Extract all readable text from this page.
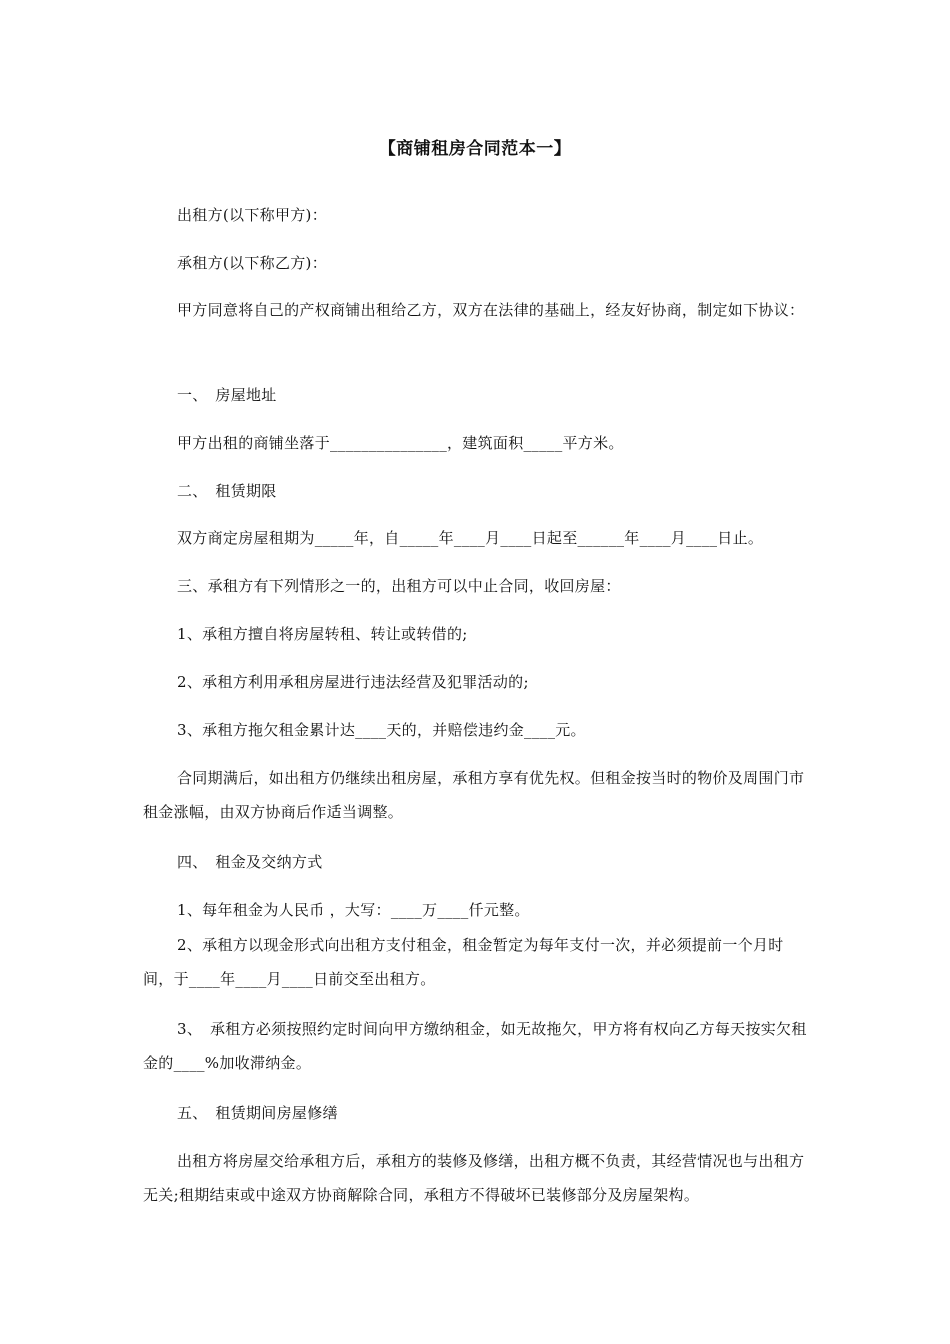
【商铺租房合同范本一】
出租方(以下称甲方)：
承租方(以下称乙方)：
甲方同意将自己的产权商铺出租给乙方，双方在法律的基础上，经友好协商，制定如下协议：
一、　房屋地址
甲方出租的商铺坐落于_______________，建筑面积_____平方米。
二、　租赁期限
双方商定房屋租期为_____年，自_____年____月____日起至______年____月____日止。
三、承租方有下列情形之一的，出租方可以中止合同，收回房屋：
1、承租方擅自将房屋转租、转让或转借的;
2、承租方利用承租房屋进行违法经营及犯罪活动的;
3、承租方拖欠租金累计达____天的，并赔偿违约金____元。
合同期满后，如出租方仍继续出租房屋，承租方享有优先权。但租金按当时的物价及周围门市租金涨幅，由双方协商后作适当调整。
四、　租金及交纳方式
1、每年租金为人民币 ，大写：____万____仟元整。
2、承租方以现金形式向出租方支付租金，租金暂定为每年支付一次，并必须提前一个月时间，于____年____月____日前交至出租方。
3、　承租方必须按照约定时间向甲方缴纳租金，如无故拖欠，甲方将有权向乙方每天按实欠租金的____%加收滞纳金。
五、　租赁期间房屋修缮
出租方将房屋交给承租方后，承租方的装修及修缮，出租方概不负责，其经营情况也与出租方无关;租期结束或中途双方协商解除合同，承租方不得破坏已装修部分及房屋架构。
